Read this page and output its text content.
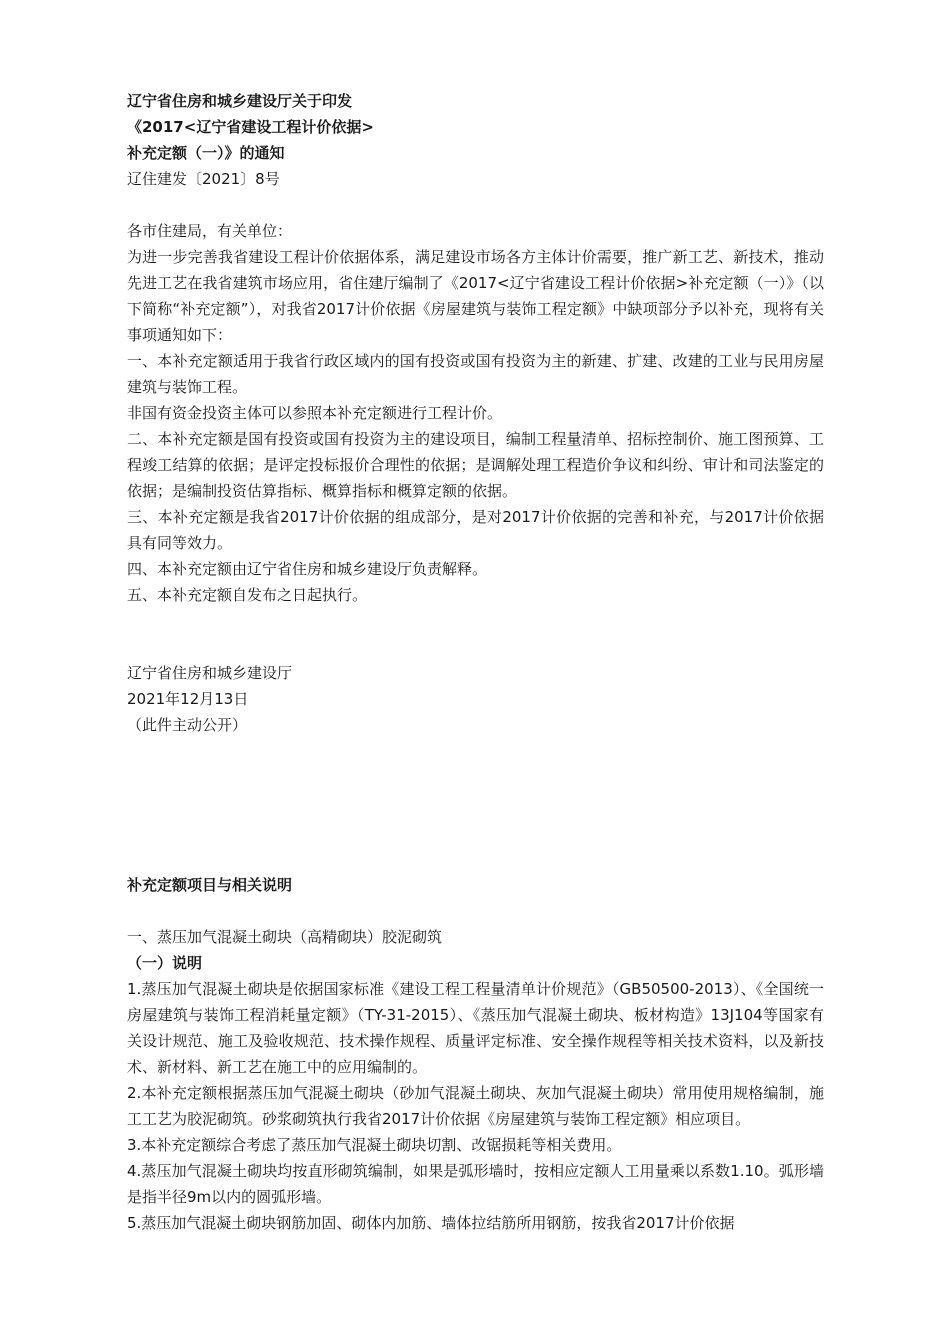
辽宁省住房和城乡建设厅关于印发

《2017<辽宁省建设工程计价依据>

补充定额（一）》的通知

辽住建发〔2021〕8号

各市住建局，有关单位：

为进一步完善我省建设工程计价依据体系，满足建设市场各方主体计价需要，推广新工艺、新技术，推动先进工艺在我省建筑市场应用，省住建厅编制了《2017<辽宁省建设工程计价依据>补充定额（一）》（以下简称“补充定额”），对我省2017计价依据《房屋建筑与装饰工程定额》中缺项部分予以补充，现将有关事项通知如下：

一、本补充定额适用于我省行政区域内的国有投资或国有投资为主的新建、扩建、改建的工业与民用房屋建筑与装饰工程。

非国有资金投资主体可以参照本补充定额进行工程计价。

二、本补充定额是国有投资或国有投资为主的建设项目，编制工程量清单、招标控制价、施工图预算、工程竣工结算的依据；是评定投标报价合理性的依据；是调解处理工程造价争议和纠纷、审计和司法鉴定的依据；是编制投资估算指标、概算指标和概算定额的依据。

三、本补充定额是我省2017计价依据的组成部分，是对2017计价依据的完善和补充，与2017计价依据具有同等效力。

四、本补充定额由辽宁省住房和城乡建设厅负责解释。

五、本补充定额自发布之日起执行。

辽宁省住房和城乡建设厅

2021年12月13日

（此件主动公开）

补充定额项目与相关说明

一、蒸压加气混凝土砌块（高精砌块）胶泥砌筑

（一）说明

1.蒸压加气混凝土砌块是依据国家标准《建设工程工程量清单计价规范》（GB50500-2013）、《全国统一房屋建筑与装饰工程消耗量定额》（TY-31-2015）、《蒸压加气混凝土砌块、板材构造》13J104等国家有关设计规范、施工及验收规范、技术操作规程、质量评定标准、安全操作规程等相关技术资料，以及新技术、新材料、新工艺在施工中的应用编制的。

2.本补充定额根据蒸压加气混凝土砌块（砂加气混凝土砌块、灰加气混凝土砌块）常用使用规格编制，施工工艺为胶泥砌筑。砂浆砌筑执行我省2017计价依据《房屋建筑与装饰工程定额》相应项目。

3.本补充定额综合考虑了蒸压加气混凝土砌块切割、改锯损耗等相关费用。

4.蒸压加气混凝土砌块均按直形砌筑编制，如果是弧形墙时，按相应定额人工用量乘以系数1.10。弧形墙是指半径9m以内的圆弧形墙。

5.蒸压加气混凝土砌块钢筋加固、砌体内加筋、墙体拉结筋所用钢筋，按我省2017计价依据
